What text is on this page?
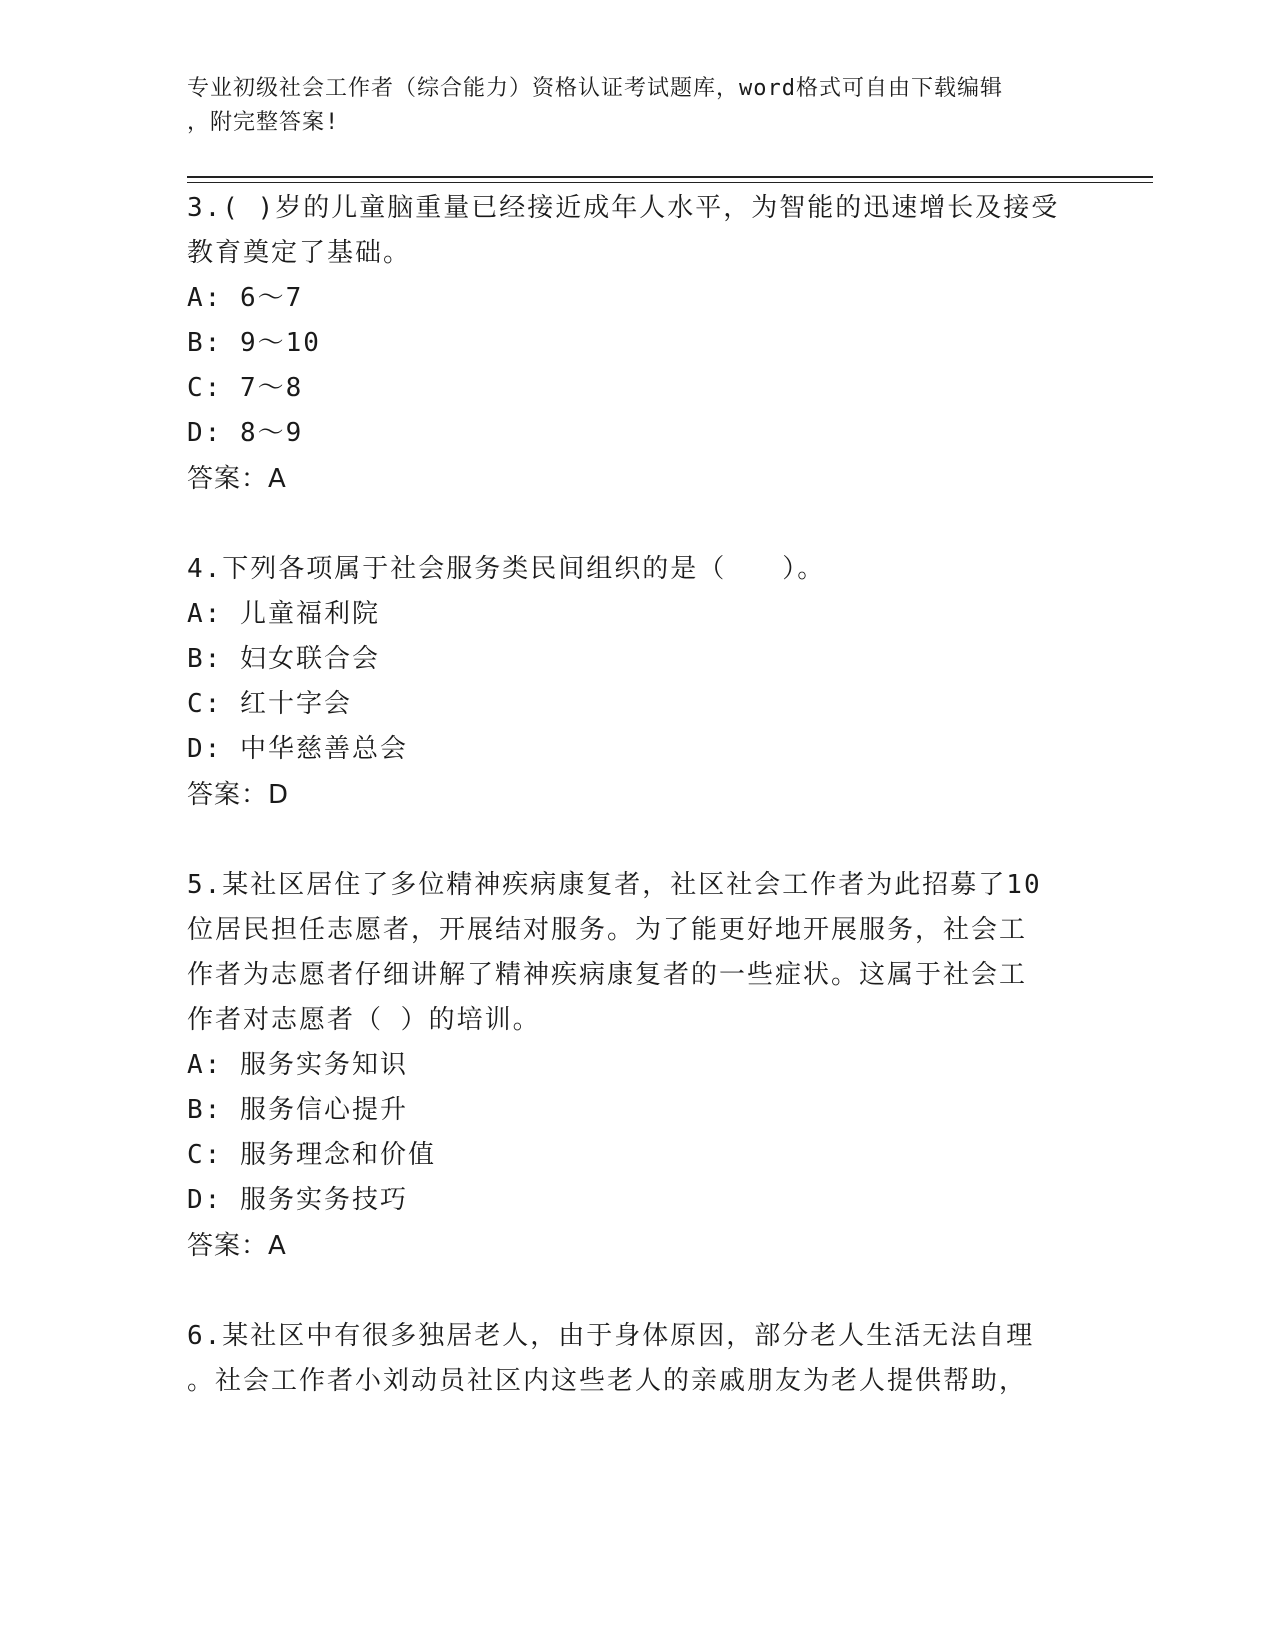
专业初级社会工作者（综合能力）资格认证考试题库，word格式可自由下载编辑
，附完整答案!
3.( )岁的儿童脑重量已经接近成年人水平，为智能的迅速增长及接受
教育奠定了基础。
A: 6～7
B: 9～10
C: 7～8
D: 8～9
答案：A
4.下列各项属于社会服务类民间组织的是（　　）。
A: 儿童福利院
B: 妇女联合会
C: 红十字会
D: 中华慈善总会
答案：D
5.某社区居住了多位精神疾病康复者，社区社会工作者为此招募了10
位居民担任志愿者，开展结对服务。为了能更好地开展服务，社会工
作者为志愿者仔细讲解了精神疾病康复者的一些症状。这属于社会工
作者对志愿者（ ）的培训。
A: 服务实务知识
B: 服务信心提升
C: 服务理念和价值
D: 服务实务技巧
答案：A
6.某社区中有很多独居老人，由于身体原因，部分老人生活无法自理
。社会工作者小刘动员社区内这些老人的亲戚朋友为老人提供帮助，
